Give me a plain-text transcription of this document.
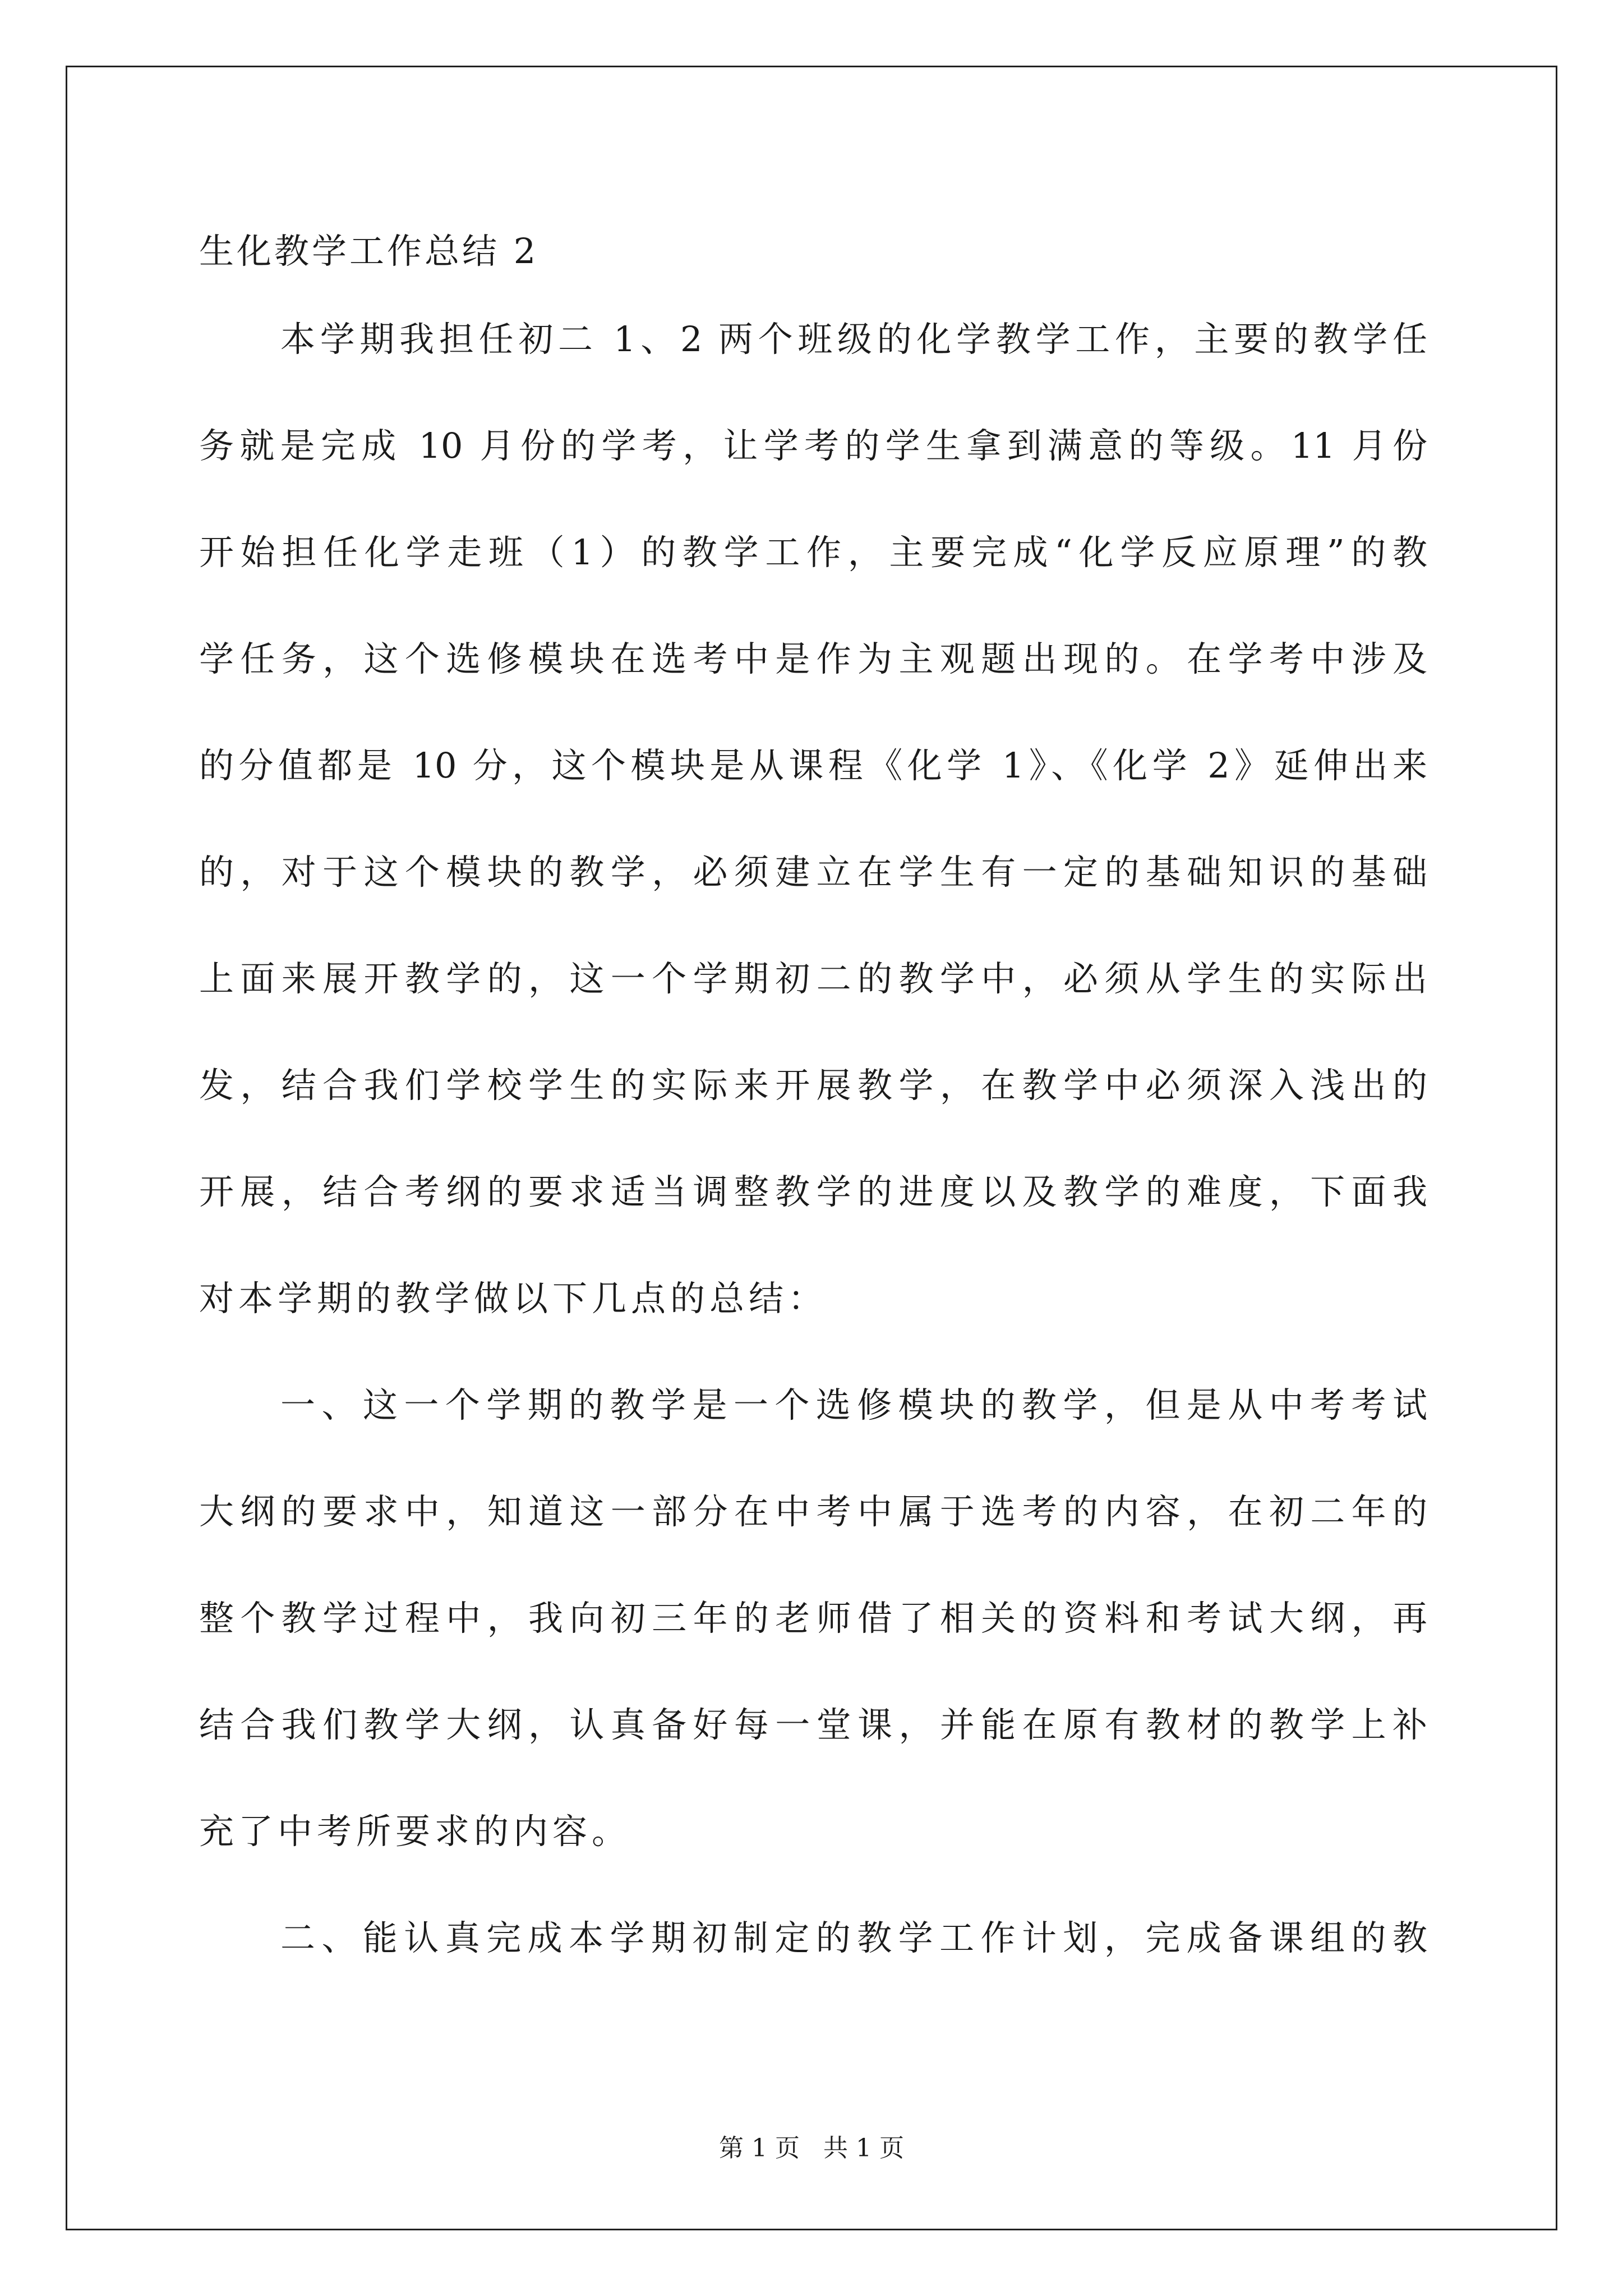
生化教学工作总结 2

本学期我担任初二 1、2 两个班级的化学教学工作，主要的教学任

务就是完成 10 月份的学考，让学考的学生拿到满意的等级。11 月份

开始担任化学走班（1）的教学工作，主要完成“化学反应原理”的教

学任务，这个选修模块在选考中是作为主观题出现的。在学考中涉及

的分值都是 10 分，这个模块是从课程《化学 1》、《化学 2》延伸出来

的，对于这个模块的教学，必须建立在学生有一定的基础知识的基础

上面来展开教学的，这一个学期初二的教学中，必须从学生的实际出

发，结合我们学校学生的实际来开展教学，在教学中必须深入浅出的

开展，结合考纲的要求适当调整教学的进度以及教学的难度，下面我

对本学期的教学做以下几点的总结：

一、这一个学期的教学是一个选修模块的教学，但是从中考考试

大纲的要求中，知道这一部分在中考中属于选考的内容，在初二年的

整个教学过程中，我向初三年的老师借了相关的资料和考试大纲，再

结合我们教学大纲，认真备好每一堂课，并能在原有教材的教学上补

充了中考所要求的内容。

二、能认真完成本学期初制定的教学工作计划，完成备课组的教

第 1 页   共 1 页
